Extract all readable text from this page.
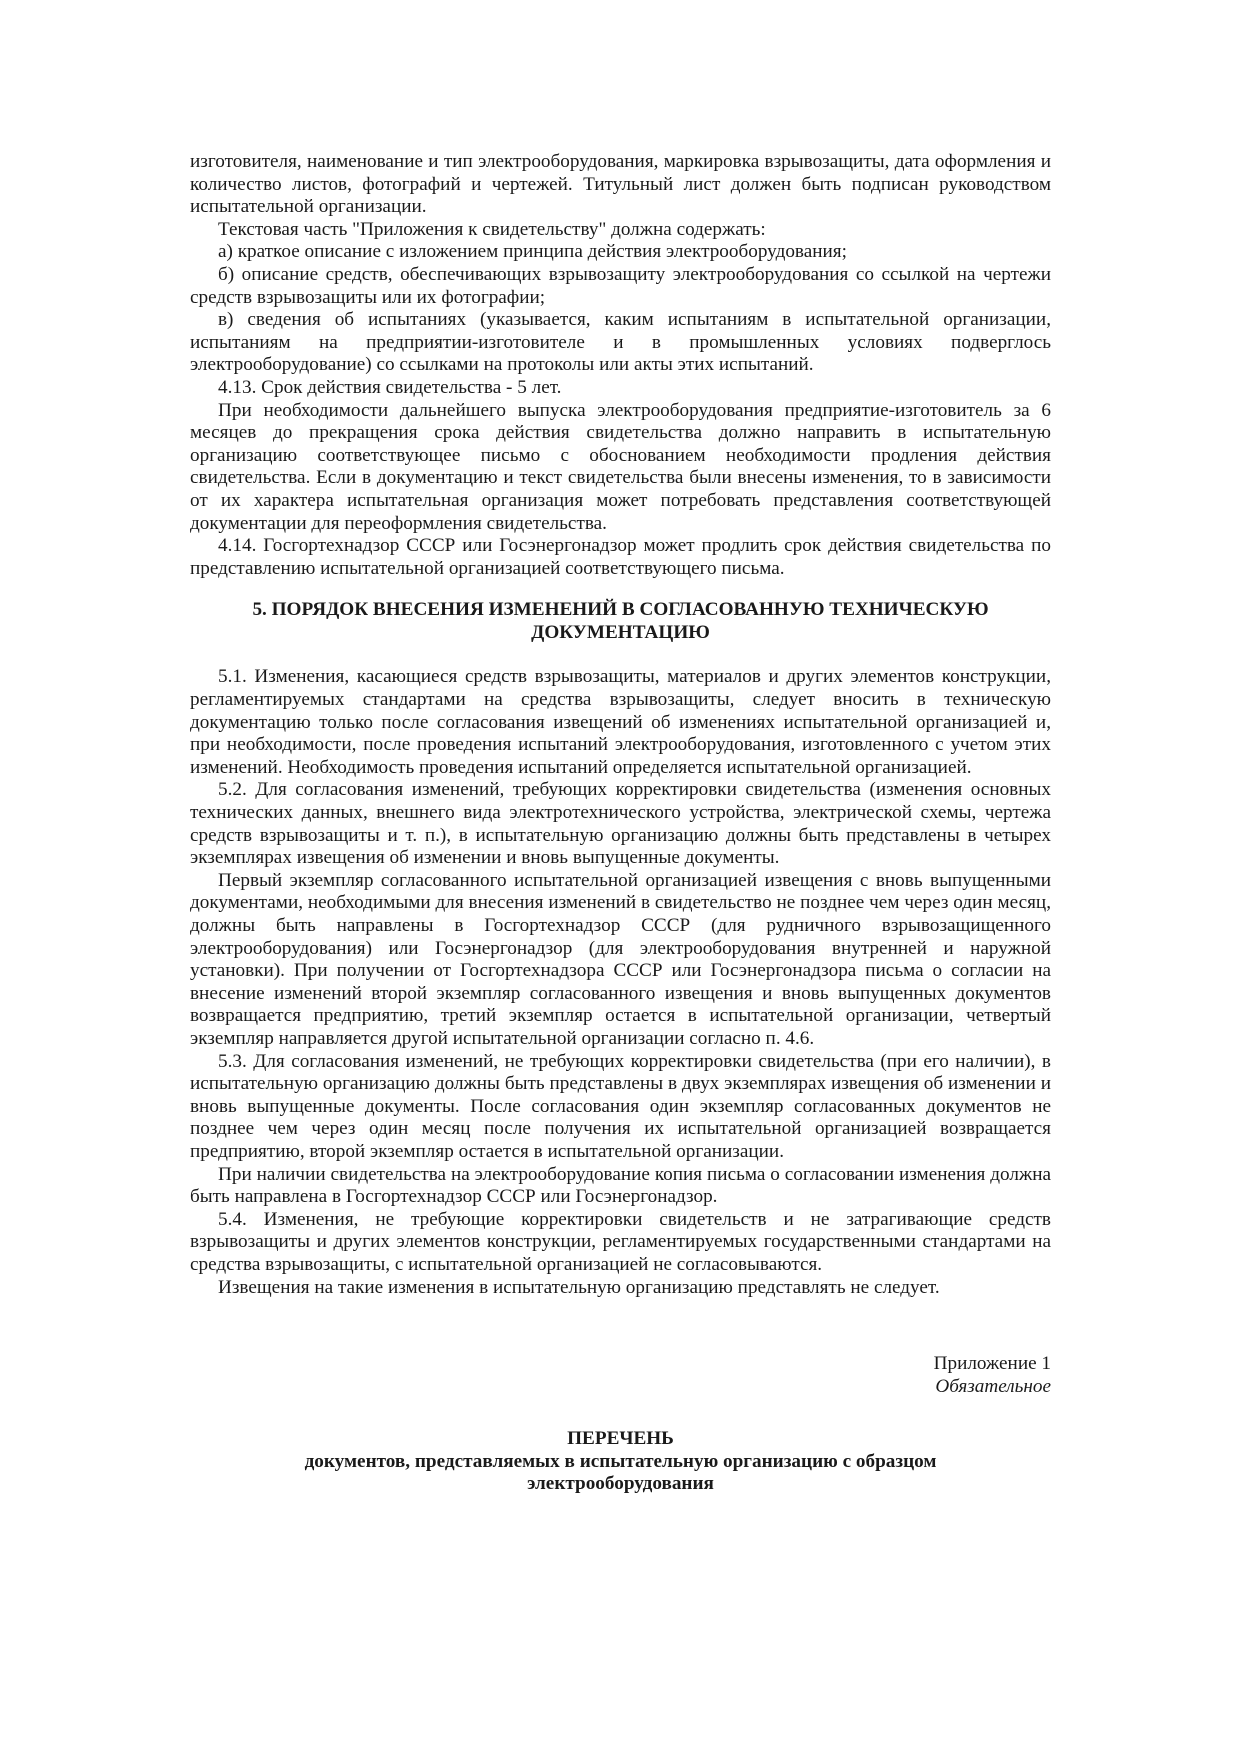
изготовителя, наименование и тип электрооборудования, маркировка взрывозащиты, дата оформления и количество листов, фотографий и чертежей. Титульный лист должен быть подписан руководством испытательной организации.

Текстовая часть "Приложения к свидетельству" должна содержать:

а) краткое описание с изложением принципа действия электрооборудования;

б) описание средств, обеспечивающих взрывозащиту электрооборудования со ссылкой на чертежи средств взрывозащиты или их фотографии;

в) сведения об испытаниях (указывается, каким испытаниям в испытательной организации, испытаниям на предприятии-изготовителе и в промышленных условиях подверглось электрооборудование) со ссылками на протоколы или акты этих испытаний.

4.13. Срок действия свидетельства - 5 лет.

При необходимости дальнейшего выпуска электрооборудования предприятие-изготовитель за 6 месяцев до прекращения срока действия свидетельства должно направить в испытательную организацию соответствующее письмо с обоснованием необходимости продления действия свидетельства. Если в документацию и текст свидетельства были внесены изменения, то в зависимости от их характера испытательная организация может потребовать представления соответствующей документации для переоформления свидетельства.

4.14. Госгортехнадзор СССР или Госэнергонадзор может продлить срок действия свидетельства по представлению испытательной организацией соответствующего письма.

5. ПОРЯДОК ВНЕСЕНИЯ ИЗМЕНЕНИЙ В СОГЛАСОВАННУЮ ТЕХНИЧЕСКУЮ ДОКУМЕНТАЦИЮ

5.1. Изменения, касающиеся средств взрывозащиты, материалов и других элементов конструкции, регламентируемых стандартами на средства взрывозащиты, следует вносить в техническую документацию только после согласования извещений об изменениях испытательной организацией и, при необходимости, после проведения испытаний электрооборудования, изготовленного с учетом этих изменений. Необходимость проведения испытаний определяется испытательной организацией.

5.2. Для согласования изменений, требующих корректировки свидетельства (изменения основных технических данных, внешнего вида электротехнического устройства, электрической схемы, чертежа средств взрывозащиты и т. п.), в испытательную организацию должны быть представлены в четырех экземплярах извещения об изменении и вновь выпущенные документы.

Первый экземпляр согласованного испытательной организацией извещения с вновь выпущенными документами, необходимыми для внесения изменений в свидетельство не позднее чем через один месяц, должны быть направлены в Госгортехнадзор СССР (для рудничного взрывозащищенного электрооборудования) или Госэнергонадзор (для электрооборудования внутренней и наружной установки). При получении от Госгортехнадзора СССР или Госэнергонадзора письма о согласии на внесение изменений второй экземпляр согласованного извещения и вновь выпущенных документов возвращается предприятию, третий экземпляр остается в испытательной организации, четвертый экземпляр направляется другой испытательной организации согласно п. 4.6.

5.3. Для согласования изменений, не требующих корректировки свидетельства (при его наличии), в испытательную организацию должны быть представлены в двух экземплярах извещения об изменении и вновь выпущенные документы. После согласования один экземпляр согласованных документов не позднее чем через один месяц после получения их испытательной организацией возвращается предприятию, второй экземпляр остается в испытательной организации.

При наличии свидетельства на электрооборудование копия письма о согласовании изменения должна быть направлена в Госгортехнадзор СССР или Госэнергонадзор.

5.4. Изменения, не требующие корректировки свидетельств и не затрагивающие средств взрывозащиты и других элементов конструкции, регламентируемых государственными стандартами на средства взрывозащиты, с испытательной организацией не согласовываются.

Извещения на такие изменения в испытательную организацию представлять не следует.

Приложение 1
Обязательное
ПЕРЕЧЕНЬ
документов, представляемых в испытательную организацию с образцом электрооборудования
